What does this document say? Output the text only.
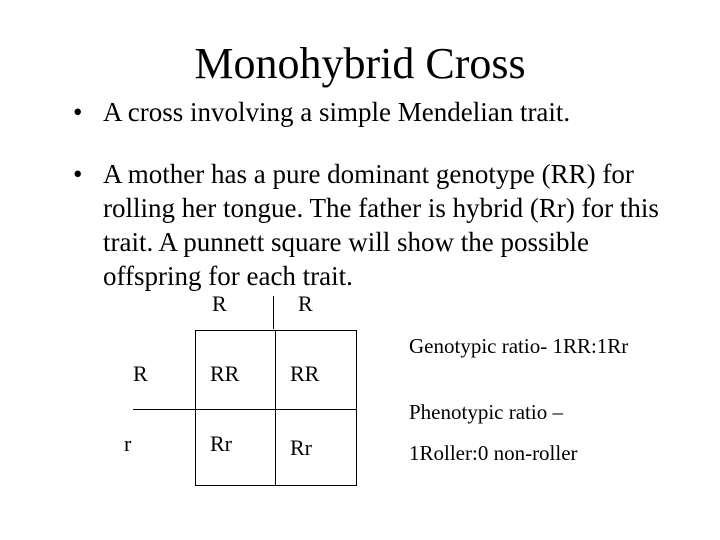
Monohybrid Cross
• A cross involving a simple Mendelian trait.
• A mother has a pure dominant genotype (RR) for rolling her tongue. The father is hybrid (Rr) for this trait. A punnett square will show the possible offspring for each trait.
R	R
R
r
RR RR
Rr	Rr
Genotypic ratio- 1RR:1Rr
Phenotypic ratio –
1Roller:0 non-roller
